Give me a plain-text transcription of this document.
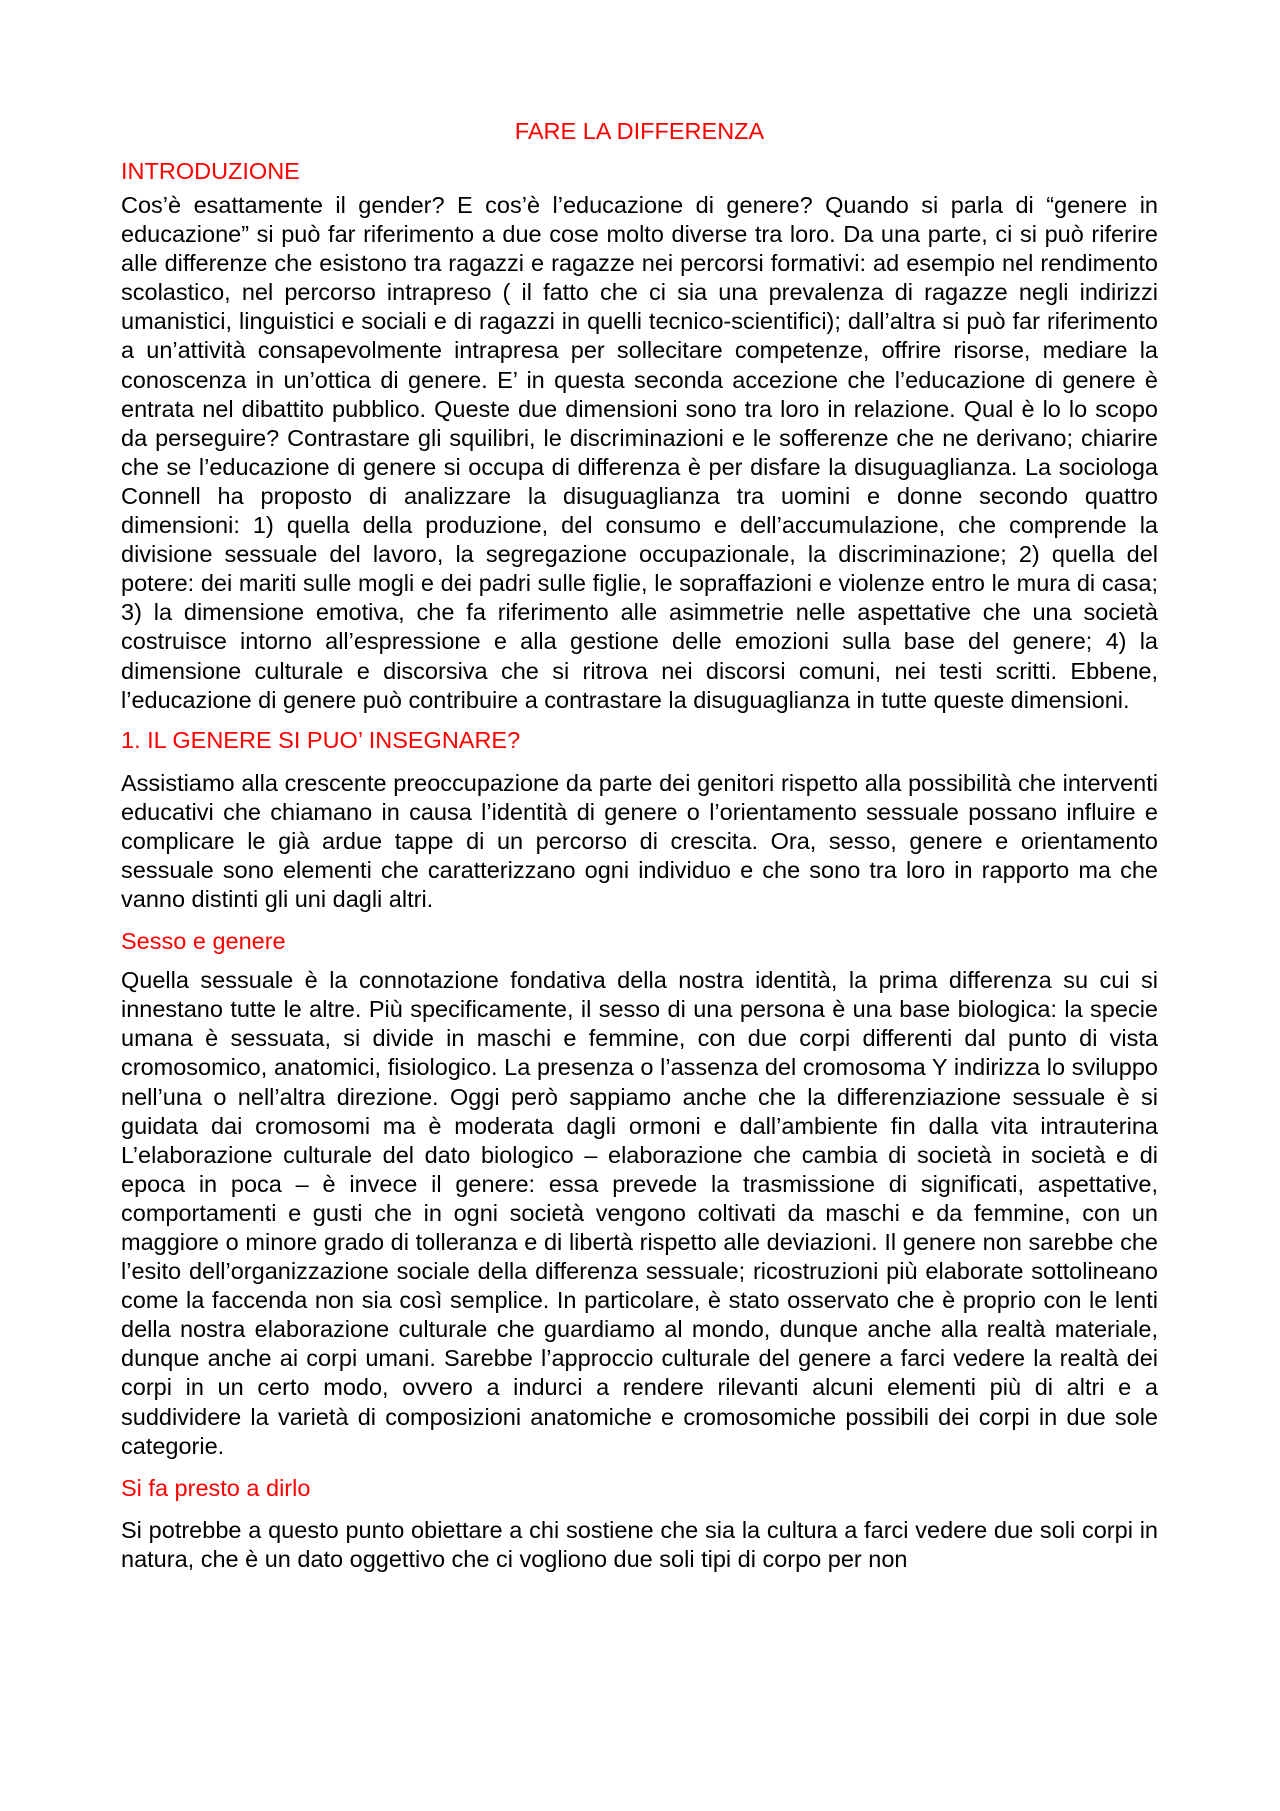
FARE LA DIFFERENZA
INTRODUZIONE

Cos’è esattamente il gender? E cos’è l’educazione di genere? Quando si parla di “genere in educazione” si può far riferimento a due cose molto diverse tra loro. Da una parte, ci si può riferire alle differenze che esistono tra ragazzi e ragazze nei percorsi formativi: ad esempio nel rendimento scolastico, nel percorso intrapreso ( il fatto che ci sia una prevalenza di ragazze negli indirizzi umanistici, linguistici e sociali e di ragazzi in quelli tecnico-scientifici); dall’altra si può far riferimento a un’attività consapevolmente intrapresa per sollecitare competenze, offrire risorse, mediare la conoscenza in un’ottica di genere. E’ in questa seconda accezione che l’educazione di genere è entrata nel dibattito pubblico. Queste due dimensioni sono tra loro in relazione. Qual è lo lo scopo da perseguire? Contrastare gli squilibri, le discriminazioni e le sofferenze che ne derivano; chiarire che se l’educazione di genere si occupa di differenza è per disfare la disuguaglianza. La sociologa Connell ha proposto di analizzare la disuguaglianza tra uomini e donne secondo quattro dimensioni: 1) quella della produzione, del consumo e dell’accumulazione, che comprende la divisione sessuale del lavoro, la segregazione occupazionale, la discriminazione; 2) quella del potere: dei mariti sulle mogli e dei padri sulle figlie, le sopraffazioni e violenze entro le mura di casa; 3) la dimensione emotiva, che fa riferimento alle asimmetrie nelle aspettative che una società costruisce intorno all’espressione e alla gestione delle emozioni sulla base del genere; 4) la dimensione culturale e discorsiva che si ritrova nei discorsi comuni, nei testi scritti. Ebbene, l’educazione di genere può contribuire a contrastare la disuguaglianza in tutte queste dimensioni.

1. IL GENERE SI PUO’ INSEGNARE?

Assistiamo alla crescente preoccupazione da parte dei genitori rispetto alla possibilità che interventi educativi che chiamano in causa l’identità di genere o l’orientamento sessuale possano influire e complicare le già ardue tappe di un percorso di crescita. Ora, sesso, genere e orientamento sessuale sono elementi che caratterizzano ogni individuo e che sono tra loro in rapporto ma che vanno distinti gli uni dagli altri.

Sesso e genere

Quella sessuale è la connotazione fondativa della nostra identità, la prima differenza su cui si innestano tutte le altre. Più specificamente, il sesso di una persona è una base biologica: la specie umana è sessuata, si divide in maschi e femmine, con due corpi differenti dal punto di vista cromosomico, anatomici, fisiologico. La presenza o l’assenza del cromosoma Y indirizza lo sviluppo nell’una o nell’altra direzione. Oggi però sappiamo anche che la differenziazione sessuale è si guidata dai cromosomi ma è moderata dagli ormoni e dall’ambiente fin dalla vita intrauterina L’elaborazione culturale del dato biologico – elaborazione che cambia di società in società e di epoca in poca – è invece il genere: essa prevede la trasmissione di significati, aspettative, comportamenti e gusti che in ogni società vengono coltivati da maschi e da femmine, con un maggiore o minore grado di tolleranza e di libertà rispetto alle deviazioni. Il genere non sarebbe che l’esito dell’organizzazione sociale della differenza sessuale; ricostruzioni più elaborate sottolineano come la faccenda non sia così semplice. In particolare, è stato osservato che è proprio con le lenti della nostra elaborazione culturale che guardiamo al mondo, dunque anche alla realtà materiale, dunque anche ai corpi umani. Sarebbe l’approccio culturale del genere a farci vedere la realtà dei corpi in un certo modo, ovvero a indurci a rendere rilevanti alcuni elementi più di altri e a suddividere la varietà di composizioni anatomiche e cromosomiche possibili dei corpi in due sole categorie.

Si fa presto a dirlo

Si potrebbe a questo punto obiettare a chi sostiene che sia la cultura a farci vedere due soli corpi in natura, che è un dato oggettivo che ci vogliono due soli tipi di corpo per non
